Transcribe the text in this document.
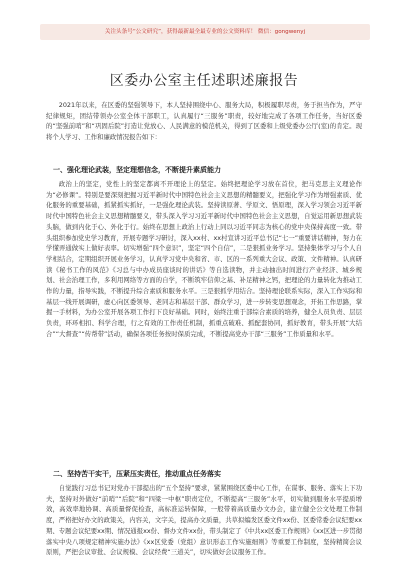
关注头条号“公文研究”，获得最新最全最专业的公文资料库！ 微信：gongwenyj
区委办公室主任述职述廉报告

2021年以来，在区委的坚强领导下，本人坚持围绕中心、服务大局，积极履职尽责，务于担当作为，严守纪律规矩，团结带领办公室全体干部职工，认真履行“三服务”职责，较好地完成了各项工作任务，当好区委的“坚强前哨”和“巩固后院”打造让党放心、人民满意的模范机关，得到了区委和上级党委办公厅(室)的肯定。现将个人学习、工作和廉政情况报告如下：

一、强化理论武装，坚定理想信念，不断提升素质能力

政治上的坚定，党性上的坚定都离不开理论上的坚定。始终把理论学习放在首位，把马克思主义理论作为“必修课”。特别是要深刻把握习近平新时代中国特色社会主义思想的精髓要义，把强化学习作为增强素质、优化服务的重要基础，抓紧抓实抓好，一是强化理论武装。坚持读原著、学原文、悟原理，深入学习领会习近平新时代中国特色社会主义思想精髓要义，带头深入学习习近平新时代中国特色社会主义思想，自觉运用新思想武装头脑，做到内化于心、外化于行。始终在思想上政治上行动上同以习近平同志为核心的党中央保持高度一致。带头组织参加党史学习教育，开展专题学习研讨，深入xx村、xx村宣讲习近平总书记“七一”重要讲话精神，努力在学懂弄通做实上做好表率。切实增强“四个意识”，坚定“四个自信”，二是狠抓业务学习。坚持集体学习与个人自学相结合，定期组织开展业务学习，认真学习党中央和省、市、区的一系列重大会议、政策、文件精神。认真研读《秘书工作的风范》《习总与中办成员座谈时的讲话》等自选读物，并主动抽出时间进行产业经济、城乡规划、社会治理工作，多利用网络等方面的自学，不断筑牢信仰之基、补足精神之钙，把理论的力量转化为推动工作的力量，指导实践，不断提升综合素质和服务水平。三是狠抓学用结合。坚持理论联系实际，深入工作实际和基层一线开展调研，虚心向区委领导、老同志和基层干部、群众学习，进一步转变思想观念，开拓工作思路，掌握一手材料，为办公室开展各项工作打下良好基础。同时，始终注重于部综合素质的培养，健全人员负责、层层负责，环环相扣、科学合理，行之有效的工作责任机制，抓重点破难、抓配套协同，抓好教育，带头开展“大结合”“大督查”“传帮带”活动，确保各项任务按时保质完成，不断提高党办干部“三服务”工作质量和水平。

二、坚持苦干实干，压紧压实责任，推动重点任务落实

自觉践行习总书记对党办干部提出的“五个坚持”要求，紧紧围绕区委中心工作，在谋事、服务、落实上下功夫，坚持对外做好“前哨”“后院”和“四梁一中枢”职责定位，不断提高“三服务”水平，切实做到服务水平提质增效，高效率地协调、高质量督促检查，高标准运转保障，一般带着高质量办文办会，建立健全公文处理工作制度，严格把好办文的政策关，内容关，文字关，提高办文质量，共草拟编发区委文件xx份、区委常委会议纪要xx期、专题会议纪要xx期、情况通报xx份、督办文件xx份，带头制定了《中共xx区委工作规则》《xx区进一步贯彻落实中央八项规定精神实施办法》《xx区党委（党组）意识形态工作实施细则》等重要工作制度，坚持精简会议原则，严把会议审批、会议规模、会议经费“三道关”，切实做好会议服务工作。
